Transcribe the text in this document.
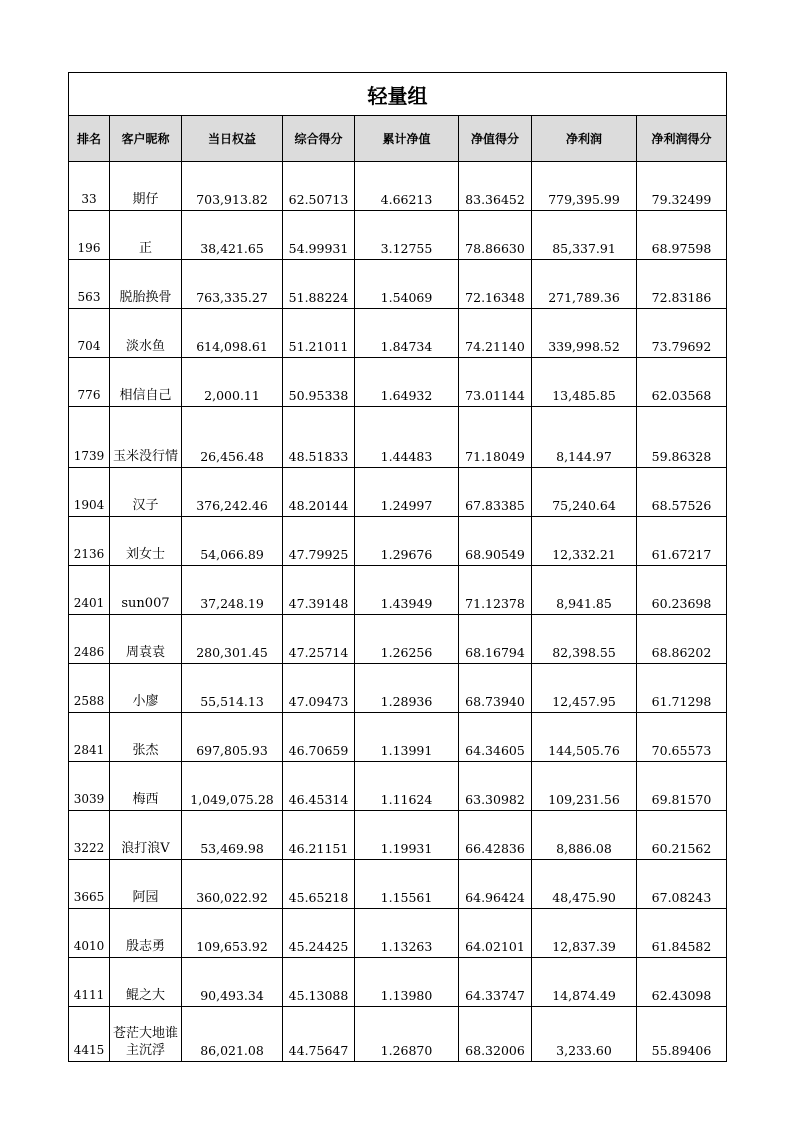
轻量组							
排名	客户昵称	当日权益	综合得分	累计净值	净值得分	净利润	净利润得分
33	期仔	703,913.82	62.50713	4.66213	83.36452	779,395.99	79.32499
196	正	38,421.65	54.99931	3.12755	78.86630	85,337.91	68.97598
563	脱胎换骨	763,335.27	51.88224	1.54069	72.16348	271,789.36	72.83186
704	淡水鱼	614,098.61	51.21011	1.84734	74.21140	339,998.52	73.79692
776	相信自己	2,000.11	50.95338	1.64932	73.01144	13,485.85	62.03568
1739	玉米没行情	26,456.48	48.51833	1.44483	71.18049	8,144.97	59.86328
1904	汉子	376,242.46	48.20144	1.24997	67.83385	75,240.64	68.57526
2136	刘女士	54,066.89	47.79925	1.29676	68.90549	12,332.21	61.67217
2401	sun007	37,248.19	47.39148	1.43949	71.12378	8,941.85	60.23698
2486	周袁袁	280,301.45	47.25714	1.26256	68.16794	82,398.55	68.86202
2588	小廖	55,514.13	47.09473	1.28936	68.73940	12,457.95	61.71298
2841	张杰	697,805.93	46.70659	1.13991	64.34605	144,505.76	70.65573
3039	梅西	1,049,075.28	46.45314	1.11624	63.30982	109,231.56	69.81570
3222	浪打浪V	53,469.98	46.21151	1.19931	66.42836	8,886.08	60.21562
3665	阿园	360,022.92	45.65218	1.15561	64.96424	48,475.90	67.08243
4010	殷志勇	109,653.92	45.24425	1.13263	64.02101	12,837.39	61.84582
4111	鲲之大	90,493.34	45.13088	1.13980	64.33747	14,874.49	62.43098
4415	苍茫大地谁主沉浮	86,021.08	44.75647	1.26870	68.32006	3,233.60	55.89406
